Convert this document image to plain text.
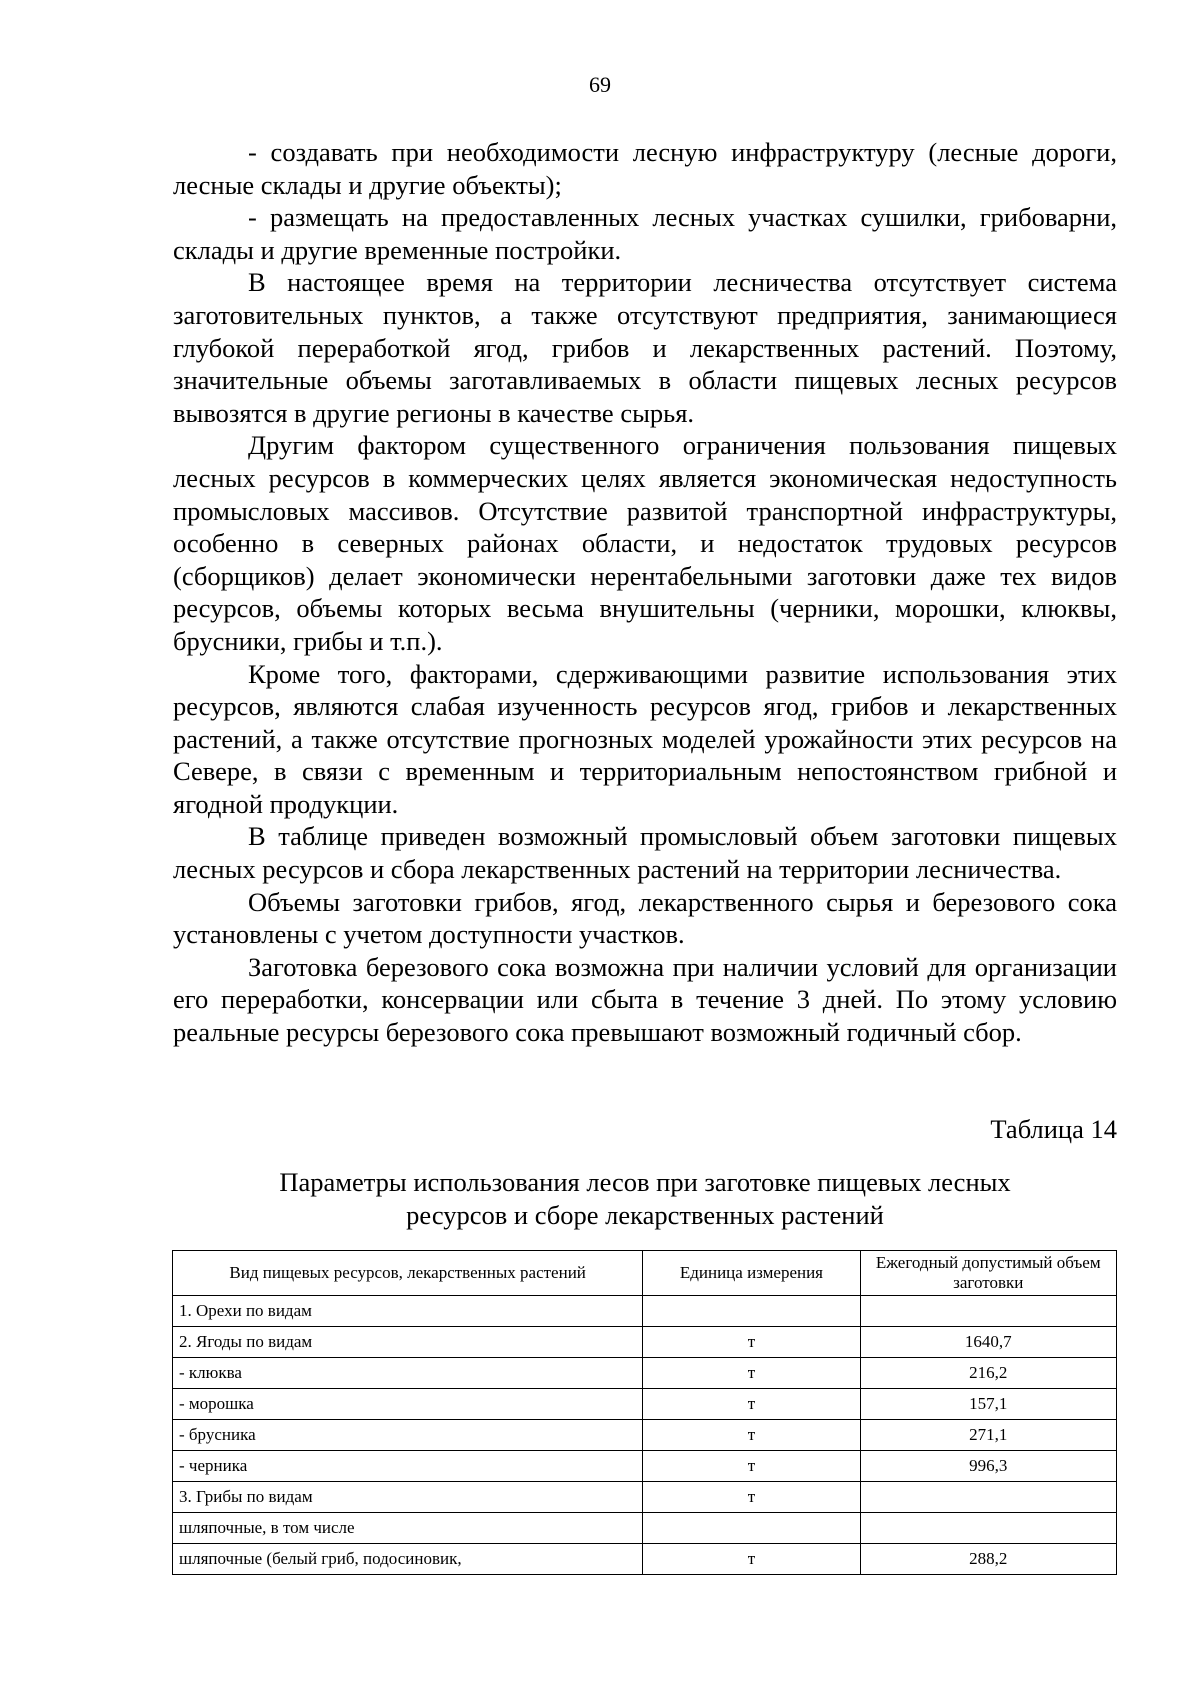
69

- создавать при необходимости лесную инфраструктуру (лесные дороги, лесные склады и другие объекты);

- размещать на предоставленных лесных участках сушилки, грибоварни, склады и другие временные постройки.

В настоящее время на территории лесничества отсутствует система заготовительных пунктов, а также отсутствуют предприятия, занимающиеся глубокой переработкой ягод, грибов и лекарственных растений. Поэтому, значительные объемы заготавливаемых в области пищевых лесных ресурсов вывозятся в другие регионы в качестве сырья.

Другим фактором существенного ограничения пользования пищевых лесных ресурсов в коммерческих целях является экономическая недоступность промысловых массивов. Отсутствие развитой транспортной инфраструктуры, особенно в северных районах области, и недостаток трудовых ресурсов (сборщиков) делает экономически нерентабельными заготовки даже тех видов ресурсов, объемы которых весьма внушительны (черники, морошки, клюквы, брусники, грибы и т.п.).

Кроме того, факторами, сдерживающими развитие использования этих ресурсов, являются слабая изученность ресурсов ягод, грибов и лекарственных растений, а также отсутствие прогнозных моделей урожайности этих ресурсов на Севере, в связи с временным и территориальным непостоянством грибной и ягодной продукции.

В таблице приведен возможный промысловый объем заготовки пищевых лесных ресурсов и сбора лекарственных растений на территории лесничества.

Объемы заготовки грибов, ягод, лекарственного сырья и березового сока установлены с учетом доступности участков.

Заготовка березового сока возможна при наличии условий для организации его переработки, консервации или сбыта в течение 3 дней. По этому условию реальные ресурсы березового сока превышают возможный годичный сбор.

Таблица 14
Параметры использования лесов при заготовке пищевых лесных
ресурсов и сборе лекарственных растений
Вид пищевых ресурсов, лекарственных растений	Единица измерения	Ежегодный допустимый объем заготовки
1. Орехи по видам		
2. Ягоды по видам	т	1640,7
- клюква	т	216,2
- морошка	т	157,1
- брусника	т	271,1
- черника	т	996,3
3. Грибы по видам	т	
шляпочные, в том числе		
шляпочные (белый гриб, подосиновик,	т	288,2
